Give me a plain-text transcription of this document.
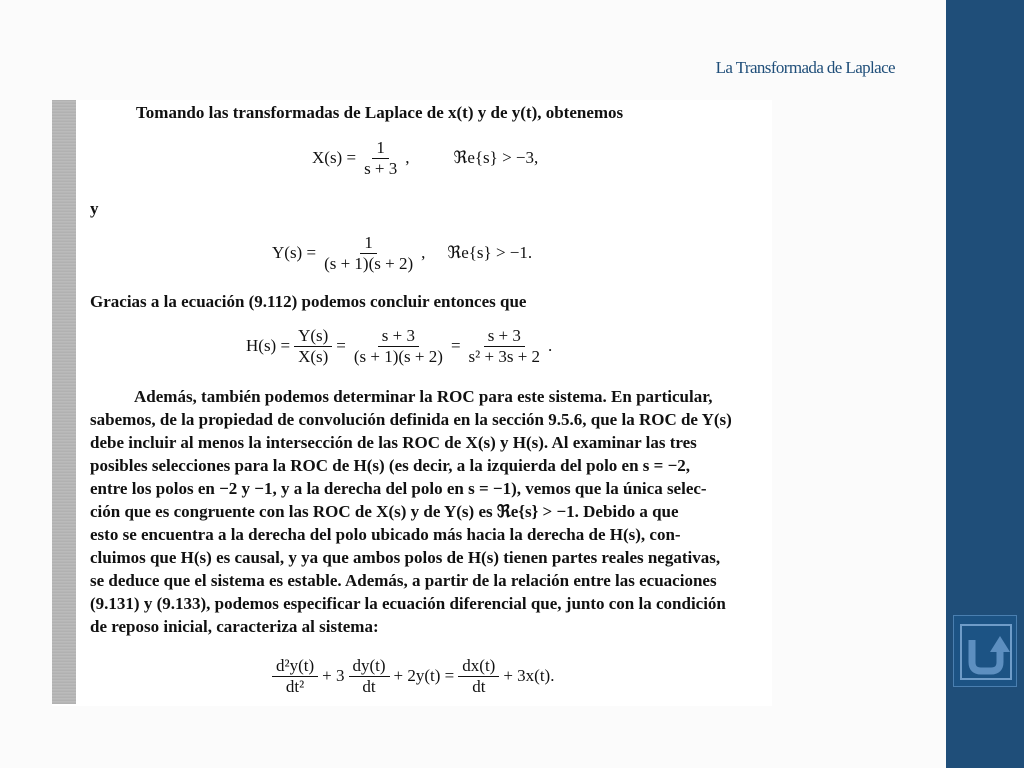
La Transformada de Laplace
Tomando las transformadas de Laplace de x(t) y de y(t), obtenemos
$X(s) = \frac{1}{s + 3}$ ,	ℜe{s} > −3,
y
$Y(s) = \frac{1}{(s + 1)(s + 2)}$ , ℜe{s} > −1.
Gracias a la ecuación (9.112) podemos concluir entonces que
$H(s) = \frac{Y(s)}{X(s)} = \frac{s + 3}{(s + 1)(s + 2)} = \frac{s + 3}{\text{s² + 3s + 2}}$ .

Además, también podemos determinar la ROC para este sistema. En particular,

sabemos, de la propiedad de convolución definida en la sección 9.5.6, que la ROC de Y(s)

debe incluir al menos la intersección de las ROC de X(s) y H(s). Al examinar las tres

posibles selecciones para la ROC de H(s) (es decir, a la izquierda del polo en s = −2,

entre los polos en −2 y −1, y a la derecha del polo en s = −1), vemos que la única selec-

ción que es congruente con las ROC de X(s) y de Y(s) es ℜe{s} > −1. Debido a que

esto se encuentra a la derecha del polo ubicado más hacia la derecha de H(s), con-

cluimos que H(s) es causal, y ya que ambos polos de H(s) tienen partes reales negativas,

se deduce que el sistema es estable. Además, a partir de la relación entre las ecuaciones

(9.131) y (9.133), podemos especificar la ecuación diferencial que, junto con la condición

de reposo inicial, caracteriza al sistema:

$\frac{\text{d²y(t)}}{\text{dt²}} + 3 \frac{dy(t)}{dt} + 2y(t) = \frac{dx(t)}{dt} + 3x(t)$.
